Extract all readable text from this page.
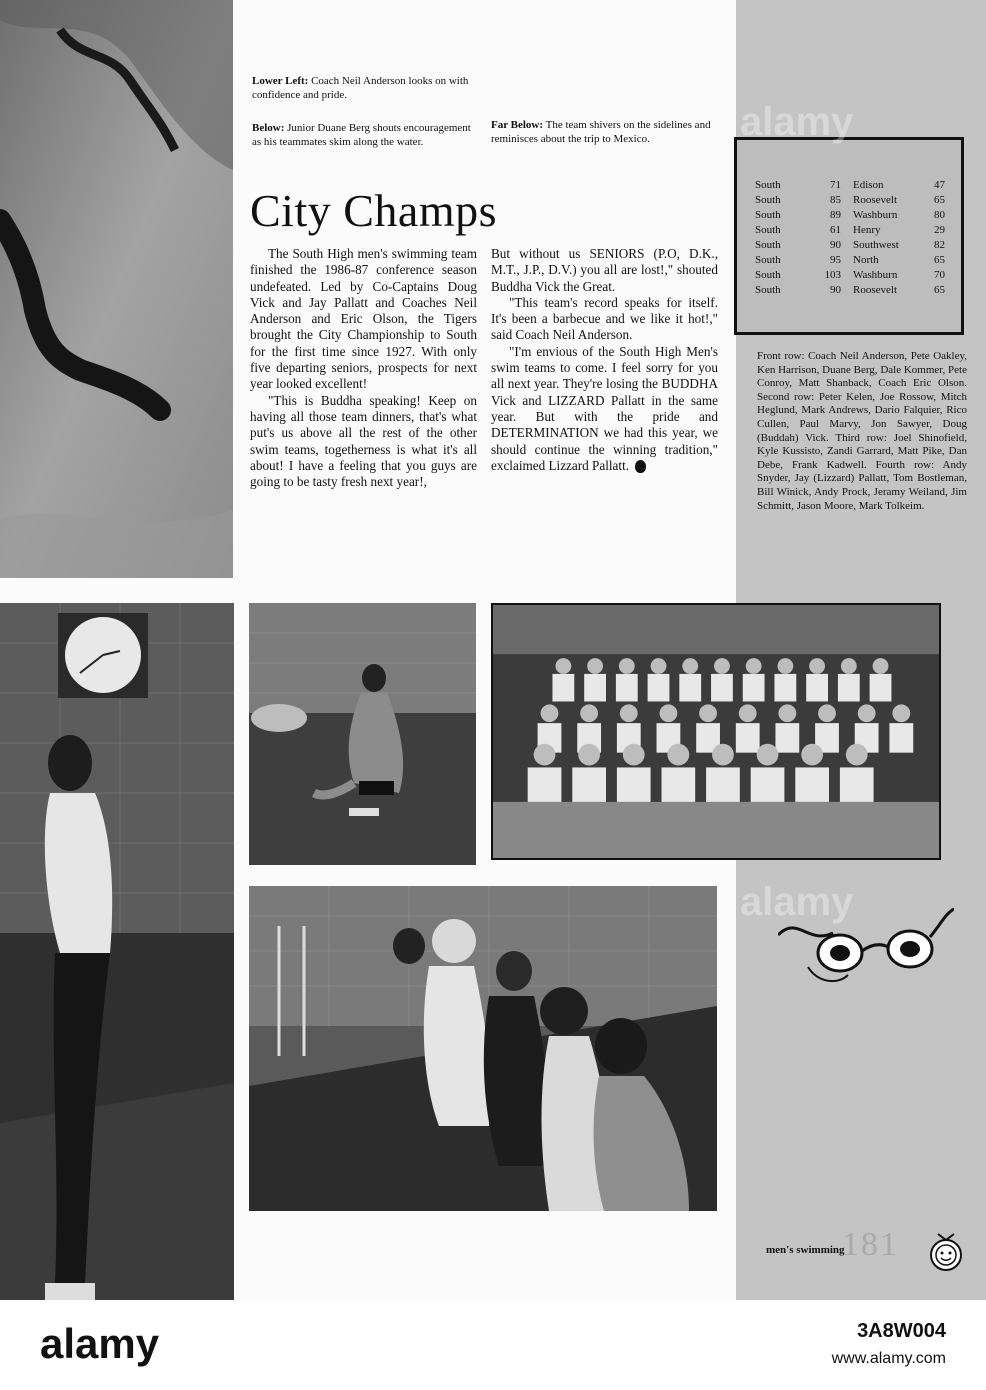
Lower Left: Coach Neil Anderson looks on with confidence and pride.
Below: Junior Duane Berg shouts encouragement as his teammates skim along the water.
Far Below: The team shivers on the sidelines and reminisces about the trip to Mexico.
City Champs

The South High men's swimming team finished the 1986-87 conference season undefeated. Led by Co-Captains Doug Vick and Jay Pallatt and Coaches Neil Anderson and Eric Olson, the Tigers brought the City Championship to South for the first time since 1927. With only five departing seniors, prospects for next year looked excellent!

"This is Buddha speaking! Keep on having all those team dinners, that's what put's us above all the rest of the other swim teams, togetherness is what it's all about! I have a feeling that you guys are going to be tasty fresh next year!,

But without us SENIORS (P.O, D.K., M.T., J.P., D.V.) you all are lost!," shouted Buddha Vick the Great.

"This team's record speaks for itself. It's been a barbecue and we like it hot!," said Coach Neil Anderson.

"I'm envious of the South High Men's swim teams to come. I feel sorry for you all next year. They're losing the BUDDHA Vick and LIZZARD Pallatt in the same year. But with the pride and DETERMINATION we had this year, we should continue the winning tradition," exclaimed Lizzard Pallatt.

South	71 Edison	47
South	85 Roosevelt	65
South	89 Washburn	80
South	61 Henry	29
South	90 Southwest	82
South	95 North	65
South	103 Washburn	70
South	90 Roosevelt	65
Front row: Coach Neil Anderson, Pete Oakley, Ken Harrison, Duane Berg, Dale Kommer, Pete Conroy, Matt Shanback, Coach Eric Olson. Second row: Peter Kelen, Joe Rossow, Mitch Heglund, Mark Andrews, Dario Falquier, Rico Cullen, Paul Marvy, Jon Sawyer, Doug (Buddah) Vick. Third row: Joel Shinofield, Kyle Kussisto, Zandi Garrard, Matt Pike, Dan Debe, Frank Kadwell. Fourth row: Andy Snyder, Jay (Lizzard) Pallatt, Tom Bostleman, Bill Winick, Andy Prock, Jeramy Weiland, Jim Schmitt, Jason Moore, Mark Tolkeim.
men's swimming
181
alamy
alamy
alamy	3A8W004
www.alamy.com
